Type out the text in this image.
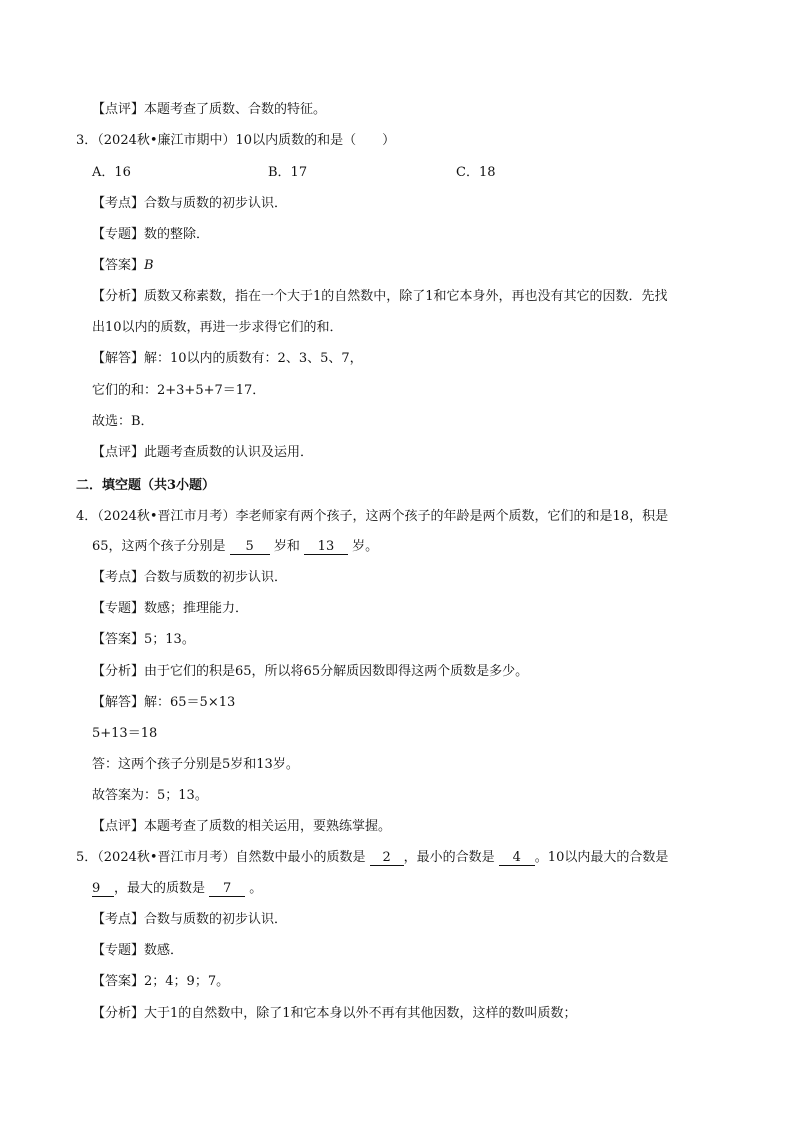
【点评】本题考查了质数、合数的特征。
3．（2024秋•廉江市期中）10以内质数的和是（　　）
A．16	B．17	C．18
【考点】合数与质数的初步认识．
【专题】数的整除．
【答案】B
【分析】质数又称素数，指在一个大于1的自然数中，除了1和它本身外，再也没有其它的因数．先找
出10以内的质数，再进一步求得它们的和．
【解答】解：10以内的质数有：2、3、5、7，
它们的和：2+3+5+7＝17．
故选：B．
【点评】此题考查质数的认识及运用．
二．填空题（共3小题）
4．（2024秋•晋江市月考）李老师家有两个孩子，这两个孩子的年龄是两个质数，它们的和是18，积是
65，这两个孩子分别是 5 岁和 13 岁。
【考点】合数与质数的初步认识．
【专题】数感；推理能力．
【答案】5；13。
【分析】由于它们的积是65，所以将65分解质因数即得这两个质数是多少。
【解答】解：65＝5×13
5+13＝18
答：这两个孩子分别是5岁和13岁。
故答案为：5；13。
【点评】本题考查了质数的相关运用，要熟练掌握。
5．（2024秋•晋江市月考）自然数中最小的质数是 2 ，最小的合数是 4 。10以内最大的合数是
9 ，最大的质数是 7 。
【考点】合数与质数的初步认识．
【专题】数感．
【答案】2；4；9；7。
【分析】大于1的自然数中，除了1和它本身以外不再有其他因数，这样的数叫质数；
